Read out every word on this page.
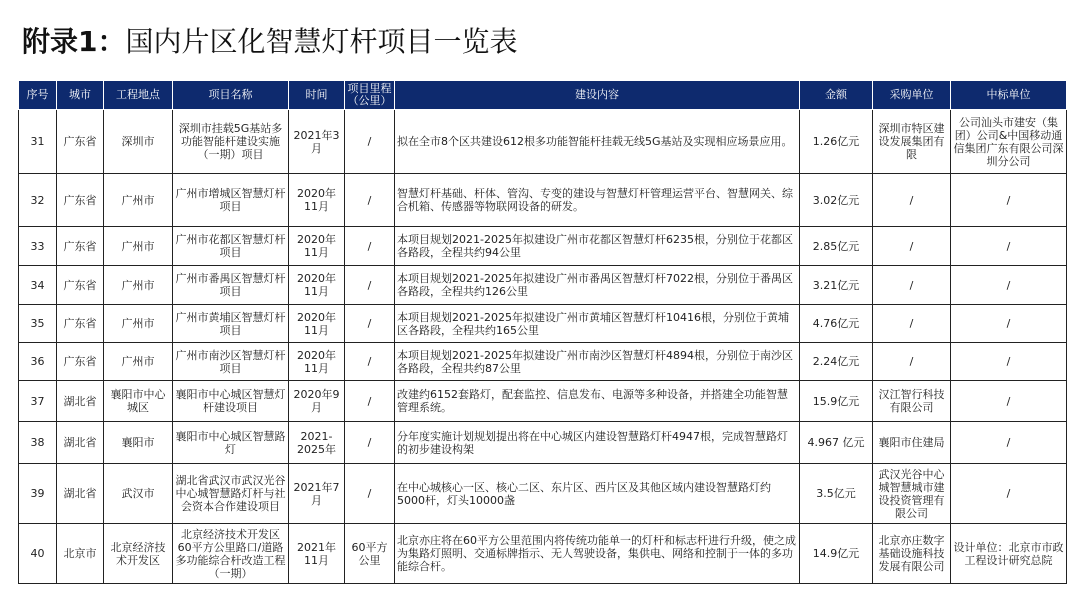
附录1：国内片区化智慧灯杆项目一览表
序号	城市	工程地点	项目名称	时间	项目里程（公里）	建设内容	金额	采购单位	中标单位
31	广东省	深圳市	深圳市挂载5G基站多功能智能杆建设实施（一期）项目	2021年3月	/	拟在全市8个区共建设612根多功能智能杆挂载无线5G基站及实现相应场景应用。	1.26亿元	深圳市特区建设发展集团有限	公司汕头市建安（集团）公司&中国移动通信集团广东有限公司深圳分公司
32	广东省	广州市	广州市增城区智慧灯杆项目	2020年11月	/	智慧灯杆基础、杆体、管沟、专变的建设与智慧灯杆管理运营平台、智慧网关、综合机箱、传感器等物联网设备的研发。	3.02亿元	/	/
33	广东省	广州市	广州市花都区智慧灯杆项目	2020年11月	/	本项目规划2021-2025年拟建设广州市花都区智慧灯杆6235根，分别位于花都区各路段，全程共约94公里	2.85亿元	/	/
34	广东省	广州市	广州市番禺区智慧灯杆项目	2020年11月	/	本项目规划2021-2025年拟建设广州市番禺区智慧灯杆7022根，分别位于番禺区各路段，全程共约126公里	3.21亿元	/	/
35	广东省	广州市	广州市黄埔区智慧灯杆项目	2020年11月	/	本项目规划2021-2025年拟建设广州市黄埔区智慧灯杆10416根，分别位于黄埔区各路段，全程共约165公里	4.76亿元	/	/
36	广东省	广州市	广州市南沙区智慧灯杆项目	2020年11月	/	本项目规划2021-2025年拟建设广州市南沙区智慧灯杆4894根，分别位于南沙区各路段，全程共约87公里	2.24亿元	/	/
37	湖北省	襄阳市中心城区	襄阳市中心城区智慧灯杆建设项目	2020年9月	/	改建约6152套路灯，配套监控、信息发布、电源等多种设备，并搭建全功能智慧管理系统。	15.9亿元	汉江智行科技有限公司	/
38	湖北省	襄阳市	襄阳市中心城区智慧路灯	2021-2025年	/	分年度实施计划规划提出将在中心城区内建设智慧路灯杆4947根，完成智慧路灯的初步建设构架	4.967 亿元	襄阳市住建局	/
39	湖北省	武汉市	湖北省武汉市武汉光谷中心城智慧路灯杆与社会资本合作建设项目	2021年7月	/	在中心城核心一区、核心二区、东片区、西片区及其他区域内建设智慧路灯约5000杆，灯头10000盏	3.5亿元	武汉光谷中心城智慧城市建设投资管理有限公司	/
40	北京市	北京经济技术开发区	北京经济技术开发区60平方公里路口/道路多功能综合杆改造工程（一期）	2021年11月	60平方公里	北京亦庄将在60平方公里范围内将传统功能单一的灯杆和标志杆进行升级，使之成为集路灯照明、交通标牌指示、无人驾驶设备，集供电、网络和控制于一体的多功能综合杆。	14.9亿元	北京亦庄数字基础设施科技发展有限公司	设计单位：北京市市政工程设计研究总院
